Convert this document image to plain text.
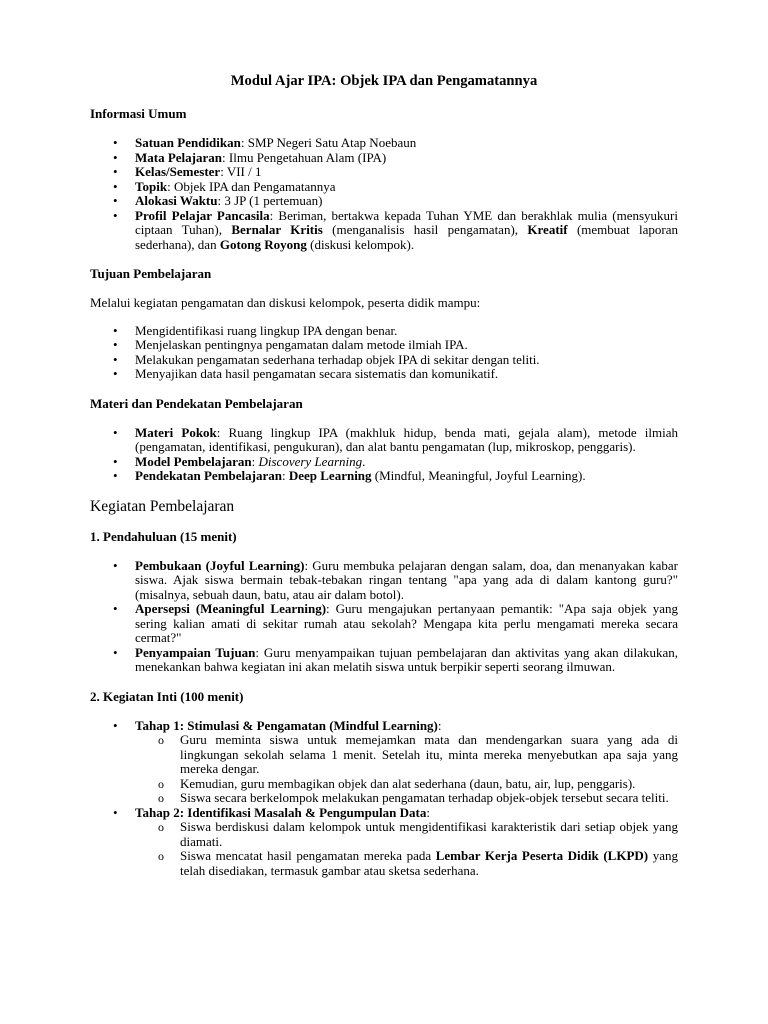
Modul Ajar IPA: Objek IPA dan Pengamatannya
Informasi Umum
• Satuan Pendidikan: SMP Negeri Satu Atap Noebaun
• Mata Pelajaran: Ilmu Pengetahuan Alam (IPA)
• Kelas/Semester: VII / 1
• Topik: Objek IPA dan Pengamatannya
• Alokasi Waktu: 3 JP (1 pertemuan)
• Profil Pelajar Pancasila: Beriman, bertakwa kepada Tuhan YME dan berakhlak mulia (mensyukuri ciptaan Tuhan), Bernalar Kritis (menganalisis hasil pengamatan), Kreatif (membuat laporan sederhana), dan Gotong Royong (diskusi kelompok).
Tujuan Pembelajaran

Melalui kegiatan pengamatan dan diskusi kelompok, peserta didik mampu:

• Mengidentifikasi ruang lingkup IPA dengan benar.
• Menjelaskan pentingnya pengamatan dalam metode ilmiah IPA.
• Melakukan pengamatan sederhana terhadap objek IPA di sekitar dengan teliti.
• Menyajikan data hasil pengamatan secara sistematis dan komunikatif.
Materi dan Pendekatan Pembelajaran
• Materi Pokok: Ruang lingkup IPA (makhluk hidup, benda mati, gejala alam), metode ilmiah (pengamatan, identifikasi, pengukuran), dan alat bantu pengamatan (lup, mikroskop, penggaris).
• Model Pembelajaran: Discovery Learning.
• Pendekatan Pembelajaran: Deep Learning (Mindful, Meaningful, Joyful Learning).
Kegiatan Pembelajaran
1. Pendahuluan (15 menit)
• Pembukaan (Joyful Learning): Guru membuka pelajaran dengan salam, doa, dan menanyakan kabar siswa. Ajak siswa bermain tebak-tebakan ringan tentang "apa yang ada di dalam kantong guru?" (misalnya, sebuah daun, batu, atau air dalam botol).
• Apersepsi (Meaningful Learning): Guru mengajukan pertanyaan pemantik: "Apa saja objek yang sering kalian amati di sekitar rumah atau sekolah? Mengapa kita perlu mengamati mereka secara cermat?"
• Penyampaian Tujuan: Guru menyampaikan tujuan pembelajaran dan aktivitas yang akan dilakukan, menekankan bahwa kegiatan ini akan melatih siswa untuk berpikir seperti seorang ilmuwan.
2. Kegiatan Inti (100 menit)
• Tahap 1: Stimulasi & Pengamatan (Mindful Learning):
o Guru meminta siswa untuk memejamkan mata dan mendengarkan suara yang ada di lingkungan sekolah selama 1 menit. Setelah itu, minta mereka menyebutkan apa saja yang mereka dengar.
o Kemudian, guru membagikan objek dan alat sederhana (daun, batu, air, lup, penggaris).
o Siswa secara berkelompok melakukan pengamatan terhadap objek-objek tersebut secara teliti.
• Tahap 2: Identifikasi Masalah & Pengumpulan Data:
o Siswa berdiskusi dalam kelompok untuk mengidentifikasi karakteristik dari setiap objek yang diamati.
o Siswa mencatat hasil pengamatan mereka pada Lembar Kerja Peserta Didik (LKPD) yang telah disediakan, termasuk gambar atau sketsa sederhana.
